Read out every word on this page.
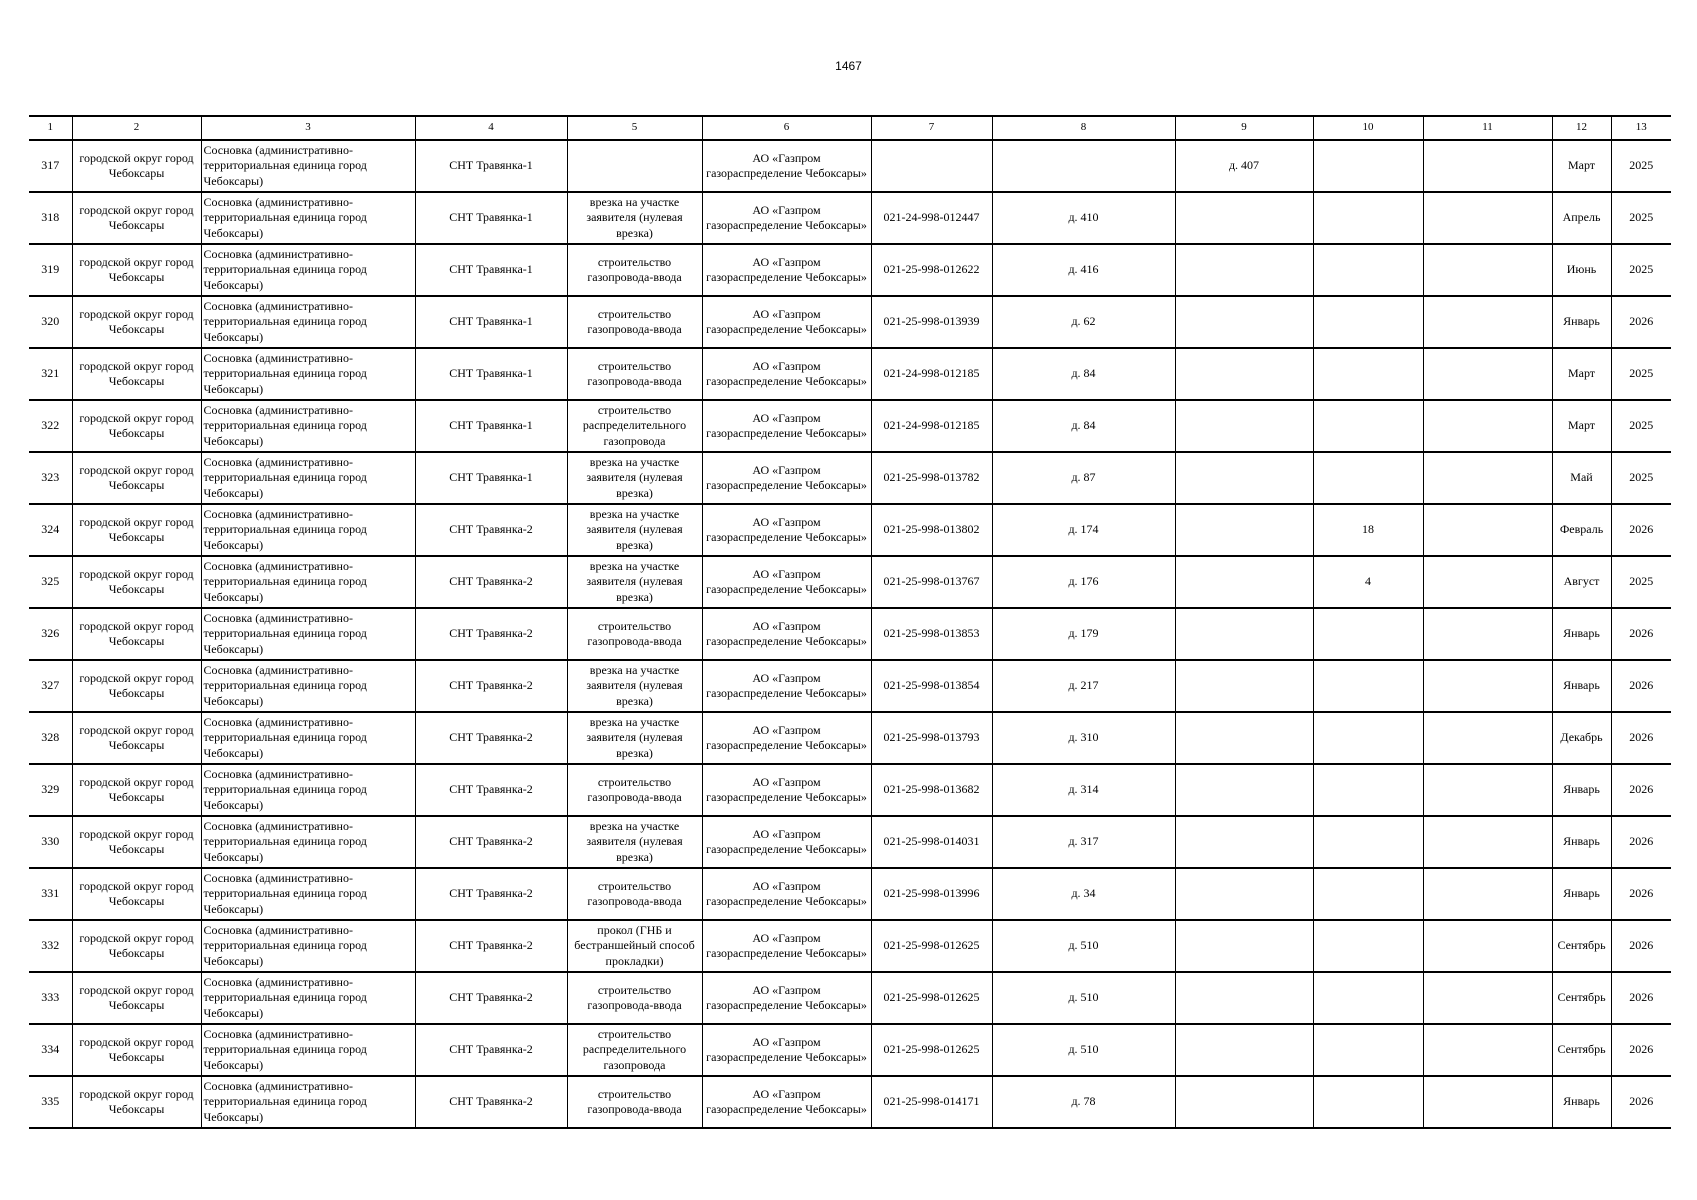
1467
1	2	3	4	5	6	7	8	9	10	11	12	13
317	городской округ город Чебоксары	Сосновка (административно-территориальная единица город Чебоксары)	СНТ Травянка-1		АО «Газпром газораспределение Чебоксары»			д. 407			Март	2025
318	городской округ город Чебоксары	Сосновка (административно-территориальная единица город Чебоксары)	СНТ Травянка-1	врезка на участке заявителя (нулевая врезка)	АО «Газпром газораспределение Чебоксары»	021-24-998-012447	д. 410				Апрель	2025
319	городской округ город Чебоксары	Сосновка (административно-территориальная единица город Чебоксары)	СНТ Травянка-1	строительство газопровода-ввода	АО «Газпром газораспределение Чебоксары»	021-25-998-012622	д. 416				Июнь	2025
320	городской округ город Чебоксары	Сосновка (административно-территориальная единица город Чебоксары)	СНТ Травянка-1	строительство газопровода-ввода	АО «Газпром газораспределение Чебоксары»	021-25-998-013939	д. 62				Январь	2026
321	городской округ город Чебоксары	Сосновка (административно-территориальная единица город Чебоксары)	СНТ Травянка-1	строительство газопровода-ввода	АО «Газпром газораспределение Чебоксары»	021-24-998-012185	д. 84				Март	2025
322	городской округ город Чебоксары	Сосновка (административно-территориальная единица город Чебоксары)	СНТ Травянка-1	строительство распределительного газопровода	АО «Газпром газораспределение Чебоксары»	021-24-998-012185	д. 84				Март	2025
323	городской округ город Чебоксары	Сосновка (административно-территориальная единица город Чебоксары)	СНТ Травянка-1	врезка на участке заявителя (нулевая врезка)	АО «Газпром газораспределение Чебоксары»	021-25-998-013782	д. 87				Май	2025
324	городской округ город Чебоксары	Сосновка (административно-территориальная единица город Чебоксары)	СНТ Травянка-2	врезка на участке заявителя (нулевая врезка)	АО «Газпром газораспределение Чебоксары»	021-25-998-013802	д. 174		18		Февраль	2026
325	городской округ город Чебоксары	Сосновка (административно-территориальная единица город Чебоксары)	СНТ Травянка-2	врезка на участке заявителя (нулевая врезка)	АО «Газпром газораспределение Чебоксары»	021-25-998-013767	д. 176		4		Август	2025
326	городской округ город Чебоксары	Сосновка (административно-территориальная единица город Чебоксары)	СНТ Травянка-2	строительство газопровода-ввода	АО «Газпром газораспределение Чебоксары»	021-25-998-013853	д. 179				Январь	2026
327	городской округ город Чебоксары	Сосновка (административно-территориальная единица город Чебоксары)	СНТ Травянка-2	врезка на участке заявителя (нулевая врезка)	АО «Газпром газораспределение Чебоксары»	021-25-998-013854	д. 217				Январь	2026
328	городской округ город Чебоксары	Сосновка (административно-территориальная единица город Чебоксары)	СНТ Травянка-2	врезка на участке заявителя (нулевая врезка)	АО «Газпром газораспределение Чебоксары»	021-25-998-013793	д. 310				Декабрь	2026
329	городской округ город Чебоксары	Сосновка (административно-территориальная единица город Чебоксары)	СНТ Травянка-2	строительство газопровода-ввода	АО «Газпром газораспределение Чебоксары»	021-25-998-013682	д. 314				Январь	2026
330	городской округ город Чебоксары	Сосновка (административно-территориальная единица город Чебоксары)	СНТ Травянка-2	врезка на участке заявителя (нулевая врезка)	АО «Газпром газораспределение Чебоксары»	021-25-998-014031	д. 317				Январь	2026
331	городской округ город Чебоксары	Сосновка (административно-территориальная единица город Чебоксары)	СНТ Травянка-2	строительство газопровода-ввода	АО «Газпром газораспределение Чебоксары»	021-25-998-013996	д. 34				Январь	2026
332	городской округ город Чебоксары	Сосновка (административно-территориальная единица город Чебоксары)	СНТ Травянка-2	прокол (ГНБ и бестраншейный способ прокладки)	АО «Газпром газораспределение Чебоксары»	021-25-998-012625	д. 510				Сентябрь	2026
333	городской округ город Чебоксары	Сосновка (административно-территориальная единица город Чебоксары)	СНТ Травянка-2	строительство газопровода-ввода	АО «Газпром газораспределение Чебоксары»	021-25-998-012625	д. 510				Сентябрь	2026
334	городской округ город Чебоксары	Сосновка (административно-территориальная единица город Чебоксары)	СНТ Травянка-2	строительство распределительного газопровода	АО «Газпром газораспределение Чебоксары»	021-25-998-012625	д. 510				Сентябрь	2026
335	городской округ город Чебоксары	Сосновка (административно-территориальная единица город Чебоксары)	СНТ Травянка-2	строительство газопровода-ввода	АО «Газпром газораспределение Чебоксары»	021-25-998-014171	д. 78				Январь	2026
